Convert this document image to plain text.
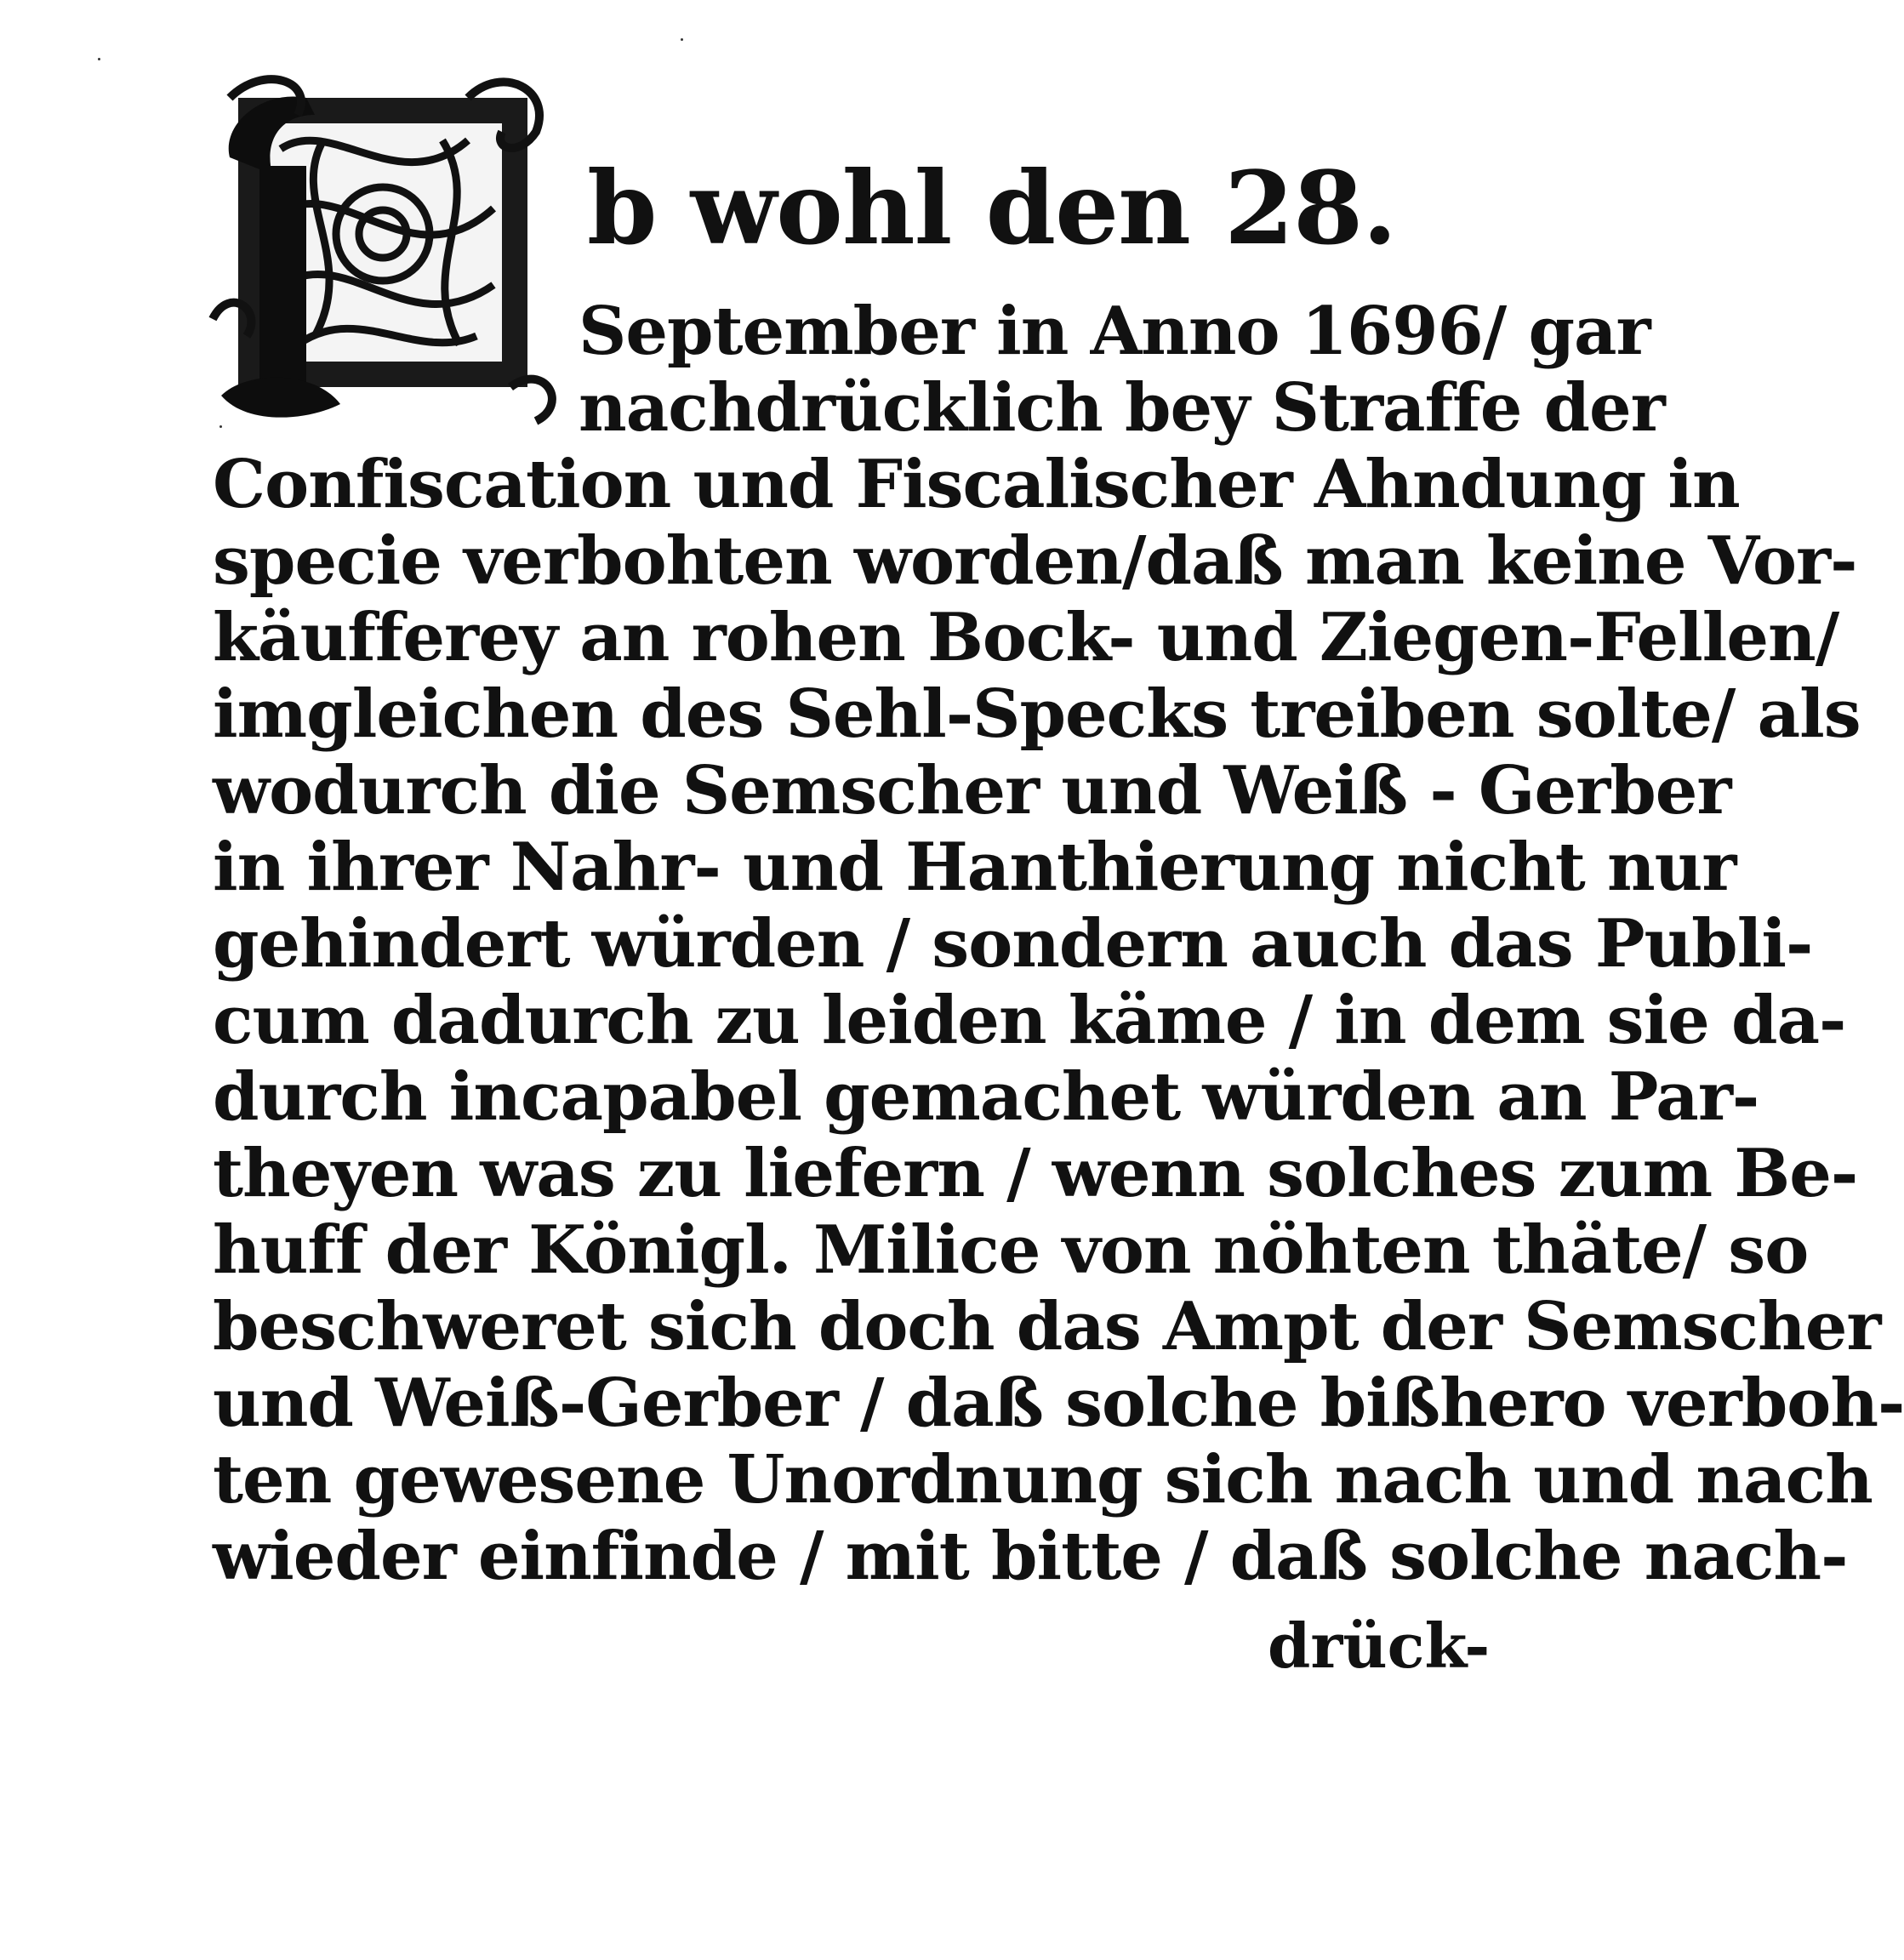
b wohl den 28.
September in Anno 1696/ gar
nachdrücklich bey Straffe der
Confiscation und Fiscalischer Ahndung in
specie verbohten worden/daß man keine Vor-
käufferey an rohen Bock- und Ziegen-Fellen/
imgleichen des Sehl-Specks treiben solte/ als
wodurch die Semscher und Weiß - Gerber
in ihrer Nahr- und Hanthierung nicht nur
gehindert würden / sondern auch das Publi-
cum dadurch zu leiden käme / in dem sie da-
durch incapabel gemachet würden an Par-
theyen was zu liefern / wenn solches zum Be-
huff der Königl. Milice von nöhten thäte/ so
beschweret sich doch das Ampt der Semscher
und Weiß-Gerber / daß solche bißhero verboh-
ten gewesene Unordnung sich nach und nach
wieder einfinde / mit bitte / daß solche nach-
drück-
